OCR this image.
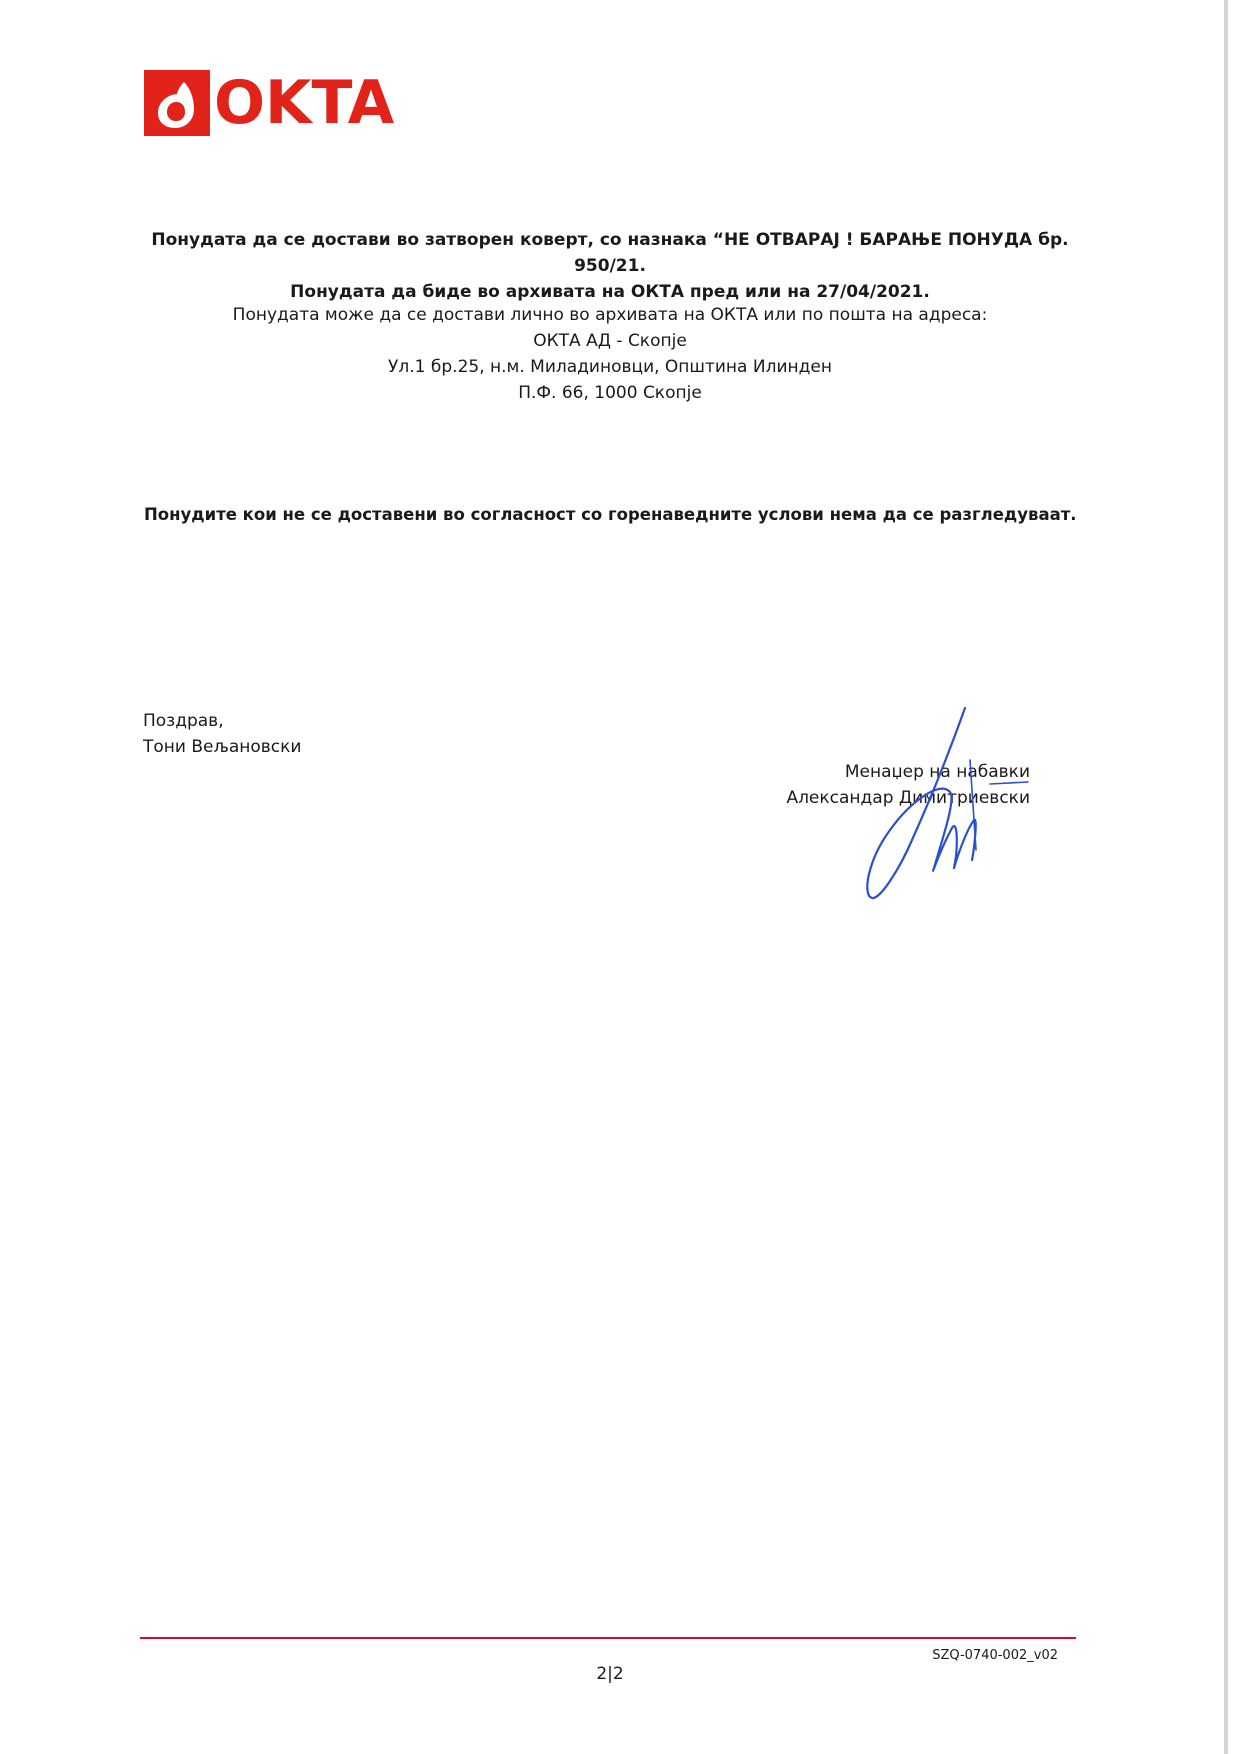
OKTA
Понудата да се достави во затворен коверт, со назнака “НЕ ОТВАРАЈ ! БАРАЊЕ ПОНУДА бр. 950/21.
Понудата да биде во архивата на ОКТА пред или на 27/04/2021.
Понудата може да се достави лично во архивата на ОКТА или по пошта на адреса:
ОКТА АД - Скопје
Ул.1 бр.25, н.м. Миладиновци, Општина Илинден
П.Ф. 66, 1000 Скопје
Понудите кои не се доставени во согласност со горенаведните услови нема да се разгледуваат.
Поздрав,
Тони Вељановски
Менаџер на набавки
Александар Димитриевски
SZQ-0740-002_v02
2|2
